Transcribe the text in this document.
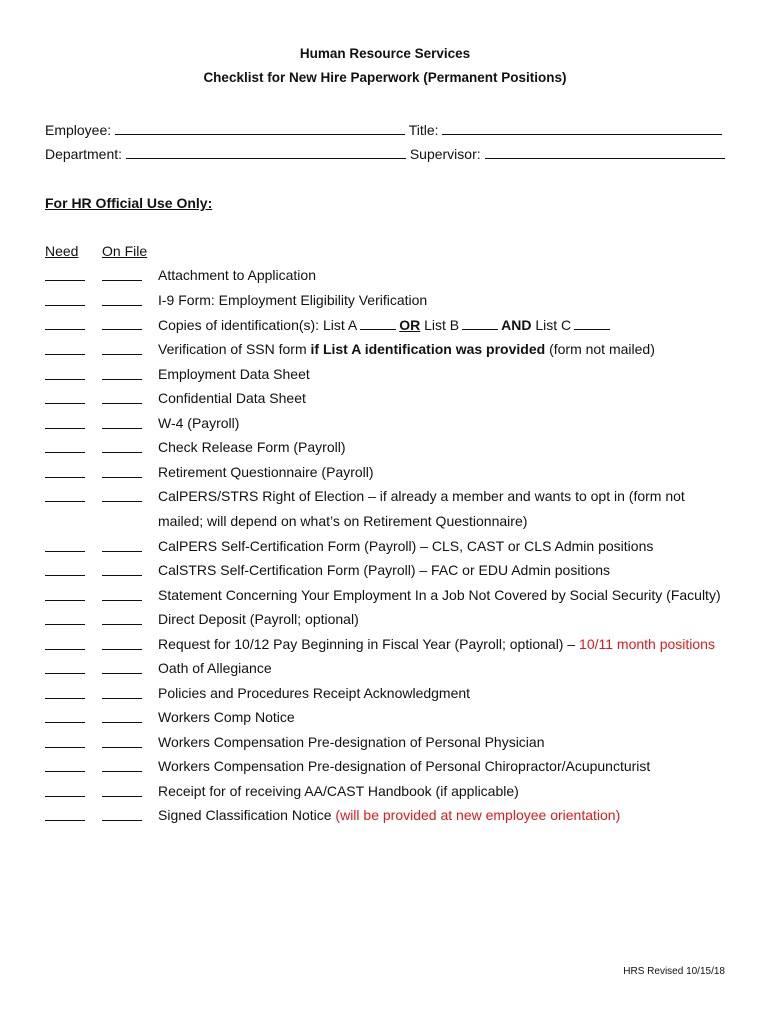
Human Resource Services
Checklist for New Hire Paperwork (Permanent Positions)
Employee:	Title:
Department:	Supervisor:
For HR Official Use Only:
Need On File
Attachment to Application
I-9 Form: Employment Eligibility Verification
Copies of identification(s): List A	OR List B	AND List C
Verification of SSN form if List A identification was provided (form not mailed)
Employment Data Sheet
Confidential Data Sheet
W-4 (Payroll)
Check Release Form (Payroll)
Retirement Questionnaire (Payroll)
CalPERS/STRS Right of Election – if already a member and wants to opt in (form not
mailed; will depend on what’s on Retirement Questionnaire)
CalPERS Self-Certification Form (Payroll) – CLS, CAST or CLS Admin positions
CalSTRS Self-Certification Form (Payroll) – FAC or EDU Admin positions
Statement Concerning Your Employment In a Job Not Covered by Social Security (Faculty)
Direct Deposit (Payroll; optional)
Request for 10/12 Pay Beginning in Fiscal Year (Payroll; optional) – 10/11 month positions
Oath of Allegiance
Policies and Procedures Receipt Acknowledgment
Workers Comp Notice
Workers Compensation Pre-designation of Personal Physician
Workers Compensation Pre-designation of Personal Chiropractor/Acupuncturist
Receipt for of receiving AA/CAST Handbook (if applicable)
Signed Classification Notice (will be provided at new employee orientation)
HRS Revised 10/15/18
